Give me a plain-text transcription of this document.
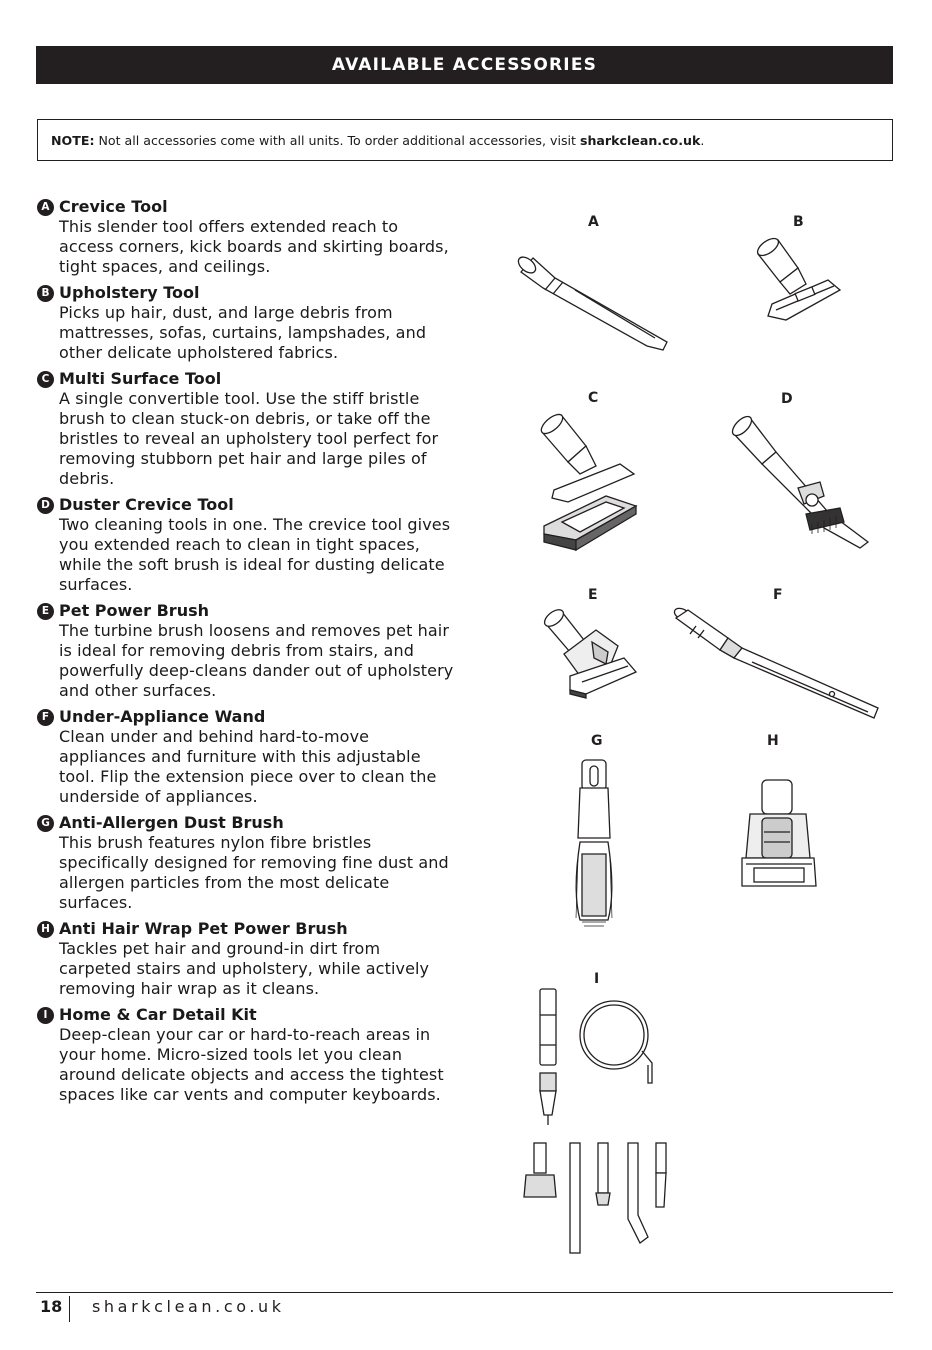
AVAILABLE ACCESSORIES
NOTE: Not all accessories come with all units. To order additional accessories, visit sharkclean.co.uk.
A Crevice Tool
This slender tool offers extended reach to access corners, kick boards and skirting boards, tight spaces, and ceilings.
B Upholstery Tool
Picks up hair, dust, and large debris from mattresses, sofas, curtains, lampshades, and other delicate upholstered fabrics.
C Multi Surface Tool
A single convertible tool. Use the stiff bristle brush to clean stuck-on debris, or take off the bristles to reveal an upholstery tool perfect for removing stubborn pet hair and large piles of debris.
D Duster Crevice Tool
Two cleaning tools in one. The crevice tool gives you extended reach to clean in tight spaces, while the soft brush is ideal for dusting delicate surfaces.
E Pet Power Brush
The turbine brush loosens and removes pet hair is ideal for removing debris from stairs, and powerfully deep-cleans dander out of upholstery and other surfaces.
F Under-Appliance Wand
Clean under and behind hard-to-move appliances and furniture with this adjustable tool. Flip the extension piece over to clean the underside of appliances.
G Anti-Allergen Dust Brush
This brush features nylon fibre bristles specifically designed for removing fine dust and allergen particles from the most delicate surfaces.
H Anti Hair Wrap Pet Power Brush
Tackles pet hair and ground-in dirt from carpeted stairs and upholstery, while actively removing hair wrap as it cleans.
I Home & Car Detail Kit
Deep-clean your car or hard-to-reach areas in your home. Micro-sized tools let you clean around delicate objects and access the tightest spaces like car vents and computer keyboards.
A	B
C	D
E	F
G	H
I
18 sharkclean.co.uk
